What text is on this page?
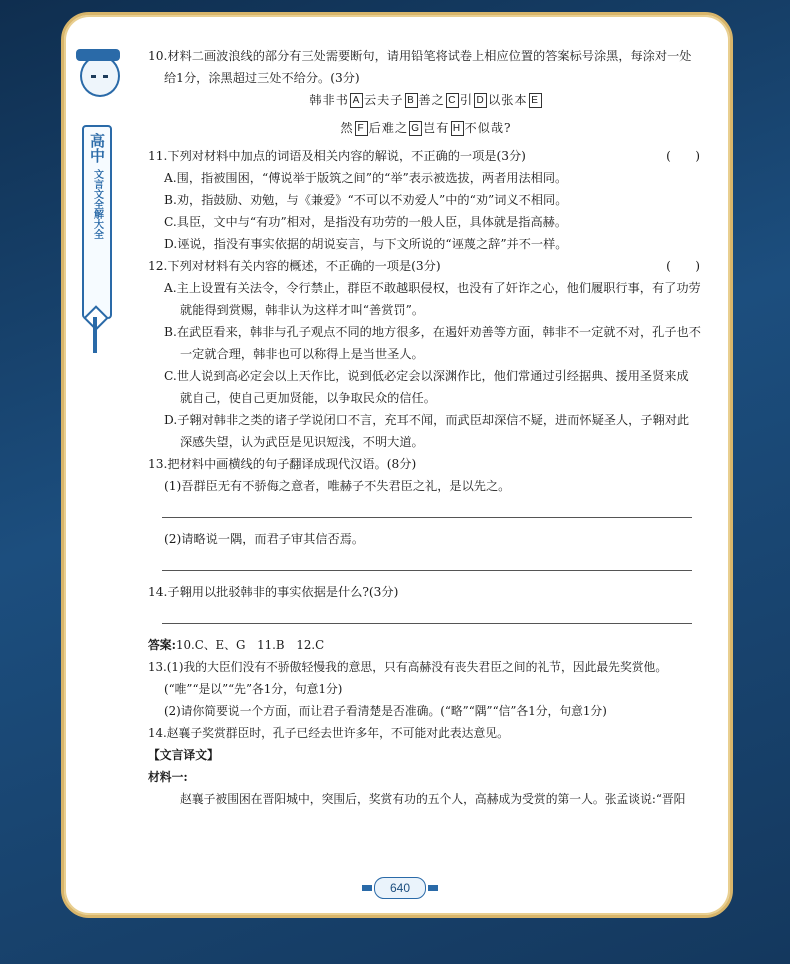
高中
文言文全解大全

10.材料二画波浪线的部分有三处需要断句，请用铅笔将试卷上相应位置的答案标号涂黑，每涂对一处

给1分，涂黑超过三处不给分。(3分)

韩非书 A 云夫子 B 善之 C 引 D 以张本 E

然 F 后难之 G 岂有 H 不似哉?

11.下列对材料中加点的词语及相关内容的解说，不正确的一项是(3分)	(　　)

A.围，指被围困，“傅说举于版筑之间”的“举”表示被选拔，两者用法相同。

B.劝，指鼓励、劝勉，与《兼爱》“不可以不劝爱人”中的“劝”词义不相同。

C.具臣，文中与“有功”相对，是指没有功劳的一般人臣，具体就是指高赫。

D.诬说，指没有事实依据的胡说妄言，与下文所说的“诬蔑之辞”并不一样。

12.下列对材料有关内容的概述，不正确的一项是(3分)	(　　)

A.主上设置有关法令，令行禁止，群臣不敢越职侵权，也没有了奸诈之心，他们履职行事，有了功劳

就能得到赏赐，韩非认为这样才叫“善赏罚”。

B.在武臣看来，韩非与孔子观点不同的地方很多，在遏奸劝善等方面，韩非不一定就不对，孔子也不

一定就合理，韩非也可以称得上是当世圣人。

C.世人说到高必定会以上天作比，说到低必定会以深渊作比，他们常通过引经据典、援用圣贤来成

就自己，使自己更加贤能，以争取民众的信任。

D.子翱对韩非之类的诸子学说闭口不言，充耳不闻，而武臣却深信不疑，进而怀疑圣人，子翱对此

深感失望，认为武臣是见识短浅，不明大道。

13.把材料中画横线的句子翻译成现代汉语。(8分)

(1)吾群臣无有不骄侮之意者，唯赫子不失君臣之礼，是以先之。

(2)请略说一隅，而君子审其信否焉。

14.子翱用以批驳韩非的事实依据是什么?(3分)

答案:10.C、E、G　11.B　12.C

13.(1)我的大臣们没有不骄傲轻慢我的意思，只有高赫没有丧失君臣之间的礼节，因此最先奖赏他。

(“唯”“是以”“先”各1分，句意1分)

(2)请你简要说一个方面，而让君子看清楚是否准确。(“略”“隅”“信”各1分，句意1分)

14.赵襄子奖赏群臣时，孔子已经去世许多年，不可能对此表达意见。

【文言译文】

材料一:

赵襄子被围困在晋阳城中，突围后，奖赏有功的五个人，高赫成为受赏的第一人。张孟谈说:“晋阳

640
